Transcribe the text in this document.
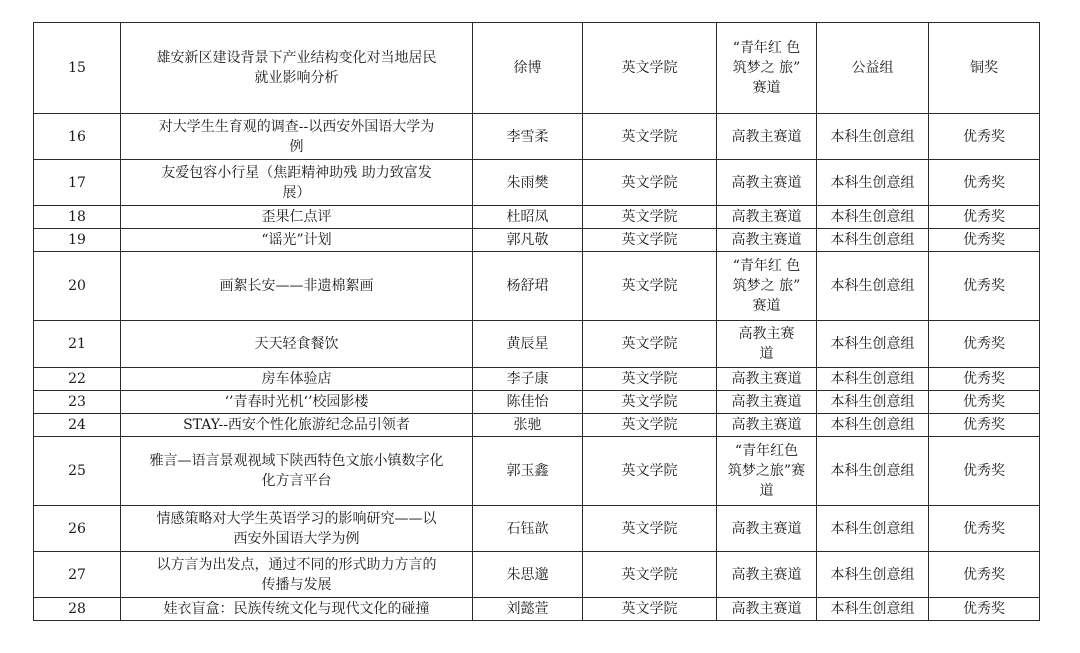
15	雄安新区建设背景下产业结构变化对当地居民
就业影响分析	徐博	英文学院	“青年红 色
筑梦之 旅”
赛道	公益组	铜奖
16	对大学生生育观的调查--以西安外国语大学为
例	李雪柔	英文学院	高教主赛道	本科生创意组	优秀奖
17	友爱包容小行星（焦距精神助残 助力致富发
展）	朱雨樊	英文学院	高教主赛道	本科生创意组	优秀奖
18	歪果仁点评	杜昭凤	英文学院	高教主赛道	本科生创意组	优秀奖
19	“谣光”计划	郭凡敬	英文学院	高教主赛道	本科生创意组	优秀奖
20	画絮长安——非遗棉絮画	杨舒珺	英文学院	“青年红 色
筑梦之 旅”
赛道	本科生创意组	优秀奖
21	天天轻食餐饮	黄辰星	英文学院	高教主赛
道	本科生创意组	优秀奖
22	房车体验店	李子康	英文学院	高教主赛道	本科生创意组	优秀奖
23	‘’青春时光机‘’校园影楼	陈佳怡	英文学院	高教主赛道	本科生创意组	优秀奖
24	STAY--西安个性化旅游纪念品引领者	张驰	英文学院	高教主赛道	本科生创意组	优秀奖
25	雅言—语言景观视域下陕西特色文旅小镇数字化
化方言平台	郭玉鑫	英文学院	“青年红色
筑梦之旅”赛
道	本科生创意组	优秀奖
26	情感策略对大学生英语学习的影响研究——以
西安外国语大学为例	石钰歆	英文学院	高教主赛道	本科生创意组	优秀奖
27	以方言为出发点，通过不同的形式助力方言的
传播与发展	朱思邈	英文学院	高教主赛道	本科生创意组	优秀奖
28	娃衣盲盒：民族传统文化与现代文化的碰撞	刘懿萱	英文学院	高教主赛道	本科生创意组	优秀奖
